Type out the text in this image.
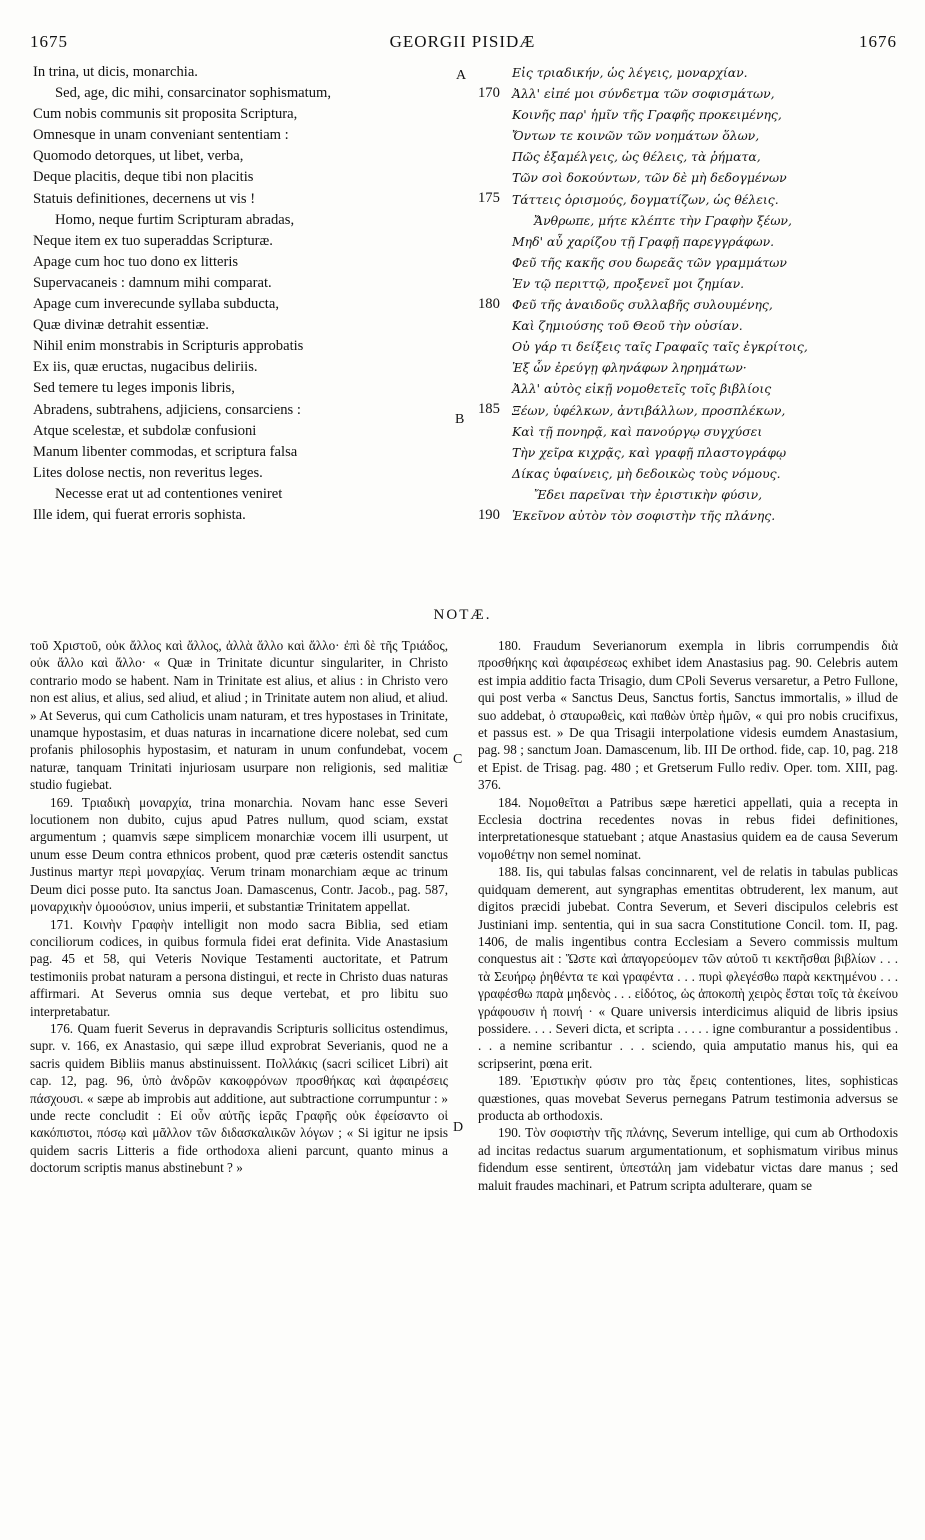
1675	GEORGII PISIDÆ	1676
In trina, ut dicis, monarchia.
Sed, age, dic mihi, consarcinator sophismatum,
Cum nobis communis sit proposita Scriptura,
Omnesque in unam conveniant sententiam :
Quomodo detorques, ut libet, verba,
Deque placitis, deque tibi non placitis
Statuis definitiones, decernens ut vis !
Homo, neque furtim Scripturam abradas,
Neque item ex tuo superaddas Scripturæ.
Apage cum hoc tuo dono ex litteris
Supervacaneis : damnum mihi comparat.
Apage cum inverecunde syllaba subducta,
Quæ divinæ detrahit essentiæ.
Nihil enim monstrabis in Scripturis approbatis
Ex iis, quæ eructas, nugacibus deliriis.
Sed temere tu leges imponis libris,
Abradens, subtrahens, adjiciens, consarciens :
Atque scelestæ, et subdolæ confusioni
Manum libenter commodas, et scriptura falsa
Lites dolose nectis, non reveritus leges.
Necesse erat ut ad contentiones veniret
Ille idem, qui fuerat erroris sophista.
A
B
C
D
170
175
180
185
190
Εἰς τριαδικήν, ὡς λέγεις, μοναρχίαν.
Ἀλλ' εἰπέ μοι σύνδετμα τῶν σοφισμάτων,
Κοινῆς παρ' ἡμῖν τῆς Γραφῆς προκειμένης,
Ὄντων τε κοινῶν τῶν νοημάτων ὅλων,
Πῶς ἐξαμέλγεις, ὡς θέλεις, τὰ ῥήματα,
Τῶν σοὶ δοκούντων, τῶν δὲ μὴ δεδογμένων
Τάττεις ὁρισμούς, δογματίζων, ὡς θέλεις.
Ἄνθρωπε, μήτε κλέπτε τὴν Γραφὴν ξέων,
Μηδ' αὖ χαρίζου τῇ Γραφῇ παρεγγράφων.
Φεῦ τῆς κακῆς σου δωρεᾶς τῶν γραμμάτων
Ἐν τῷ περιττῷ, προξενεῖ μοι ζημίαν.
Φεῦ τῆς ἀναιδοῦς συλλαβῆς συλουμένης,
Καὶ ζημιούσης τοῦ Θεοῦ τὴν οὐσίαν.
Οὐ γάρ τι δείξεις ταῖς Γραφαῖς ταῖς ἐγκρίτοις,
Ἐξ ὧν ἐρεύγῃ φληνάφων ληρημάτων·
Ἀλλ' αὐτὸς εἰκῇ νομοθετεῖς τοῖς βιβλίοις
Ξέων, ὑφέλκων, ἀντιβάλλων, προσπλέκων,
Καὶ τῇ πονηρᾷ, καὶ πανούργῳ συγχύσει
Τὴν χεῖρα κιχρᾷς, καὶ γραφῇ πλαστογράφῳ
Δίκας ὑφαίνεις, μὴ δεδοικὼς τοὺς νόμους.
Ἔδει παρεῖναι τὴν ἐριστικὴν φύσιν,
Ἐκεῖνον αὐτὸν τὸν σοφιστὴν τῆς πλάνης.
NOTÆ.

τοῦ Χριστοῦ, οὐκ ἄλλος καὶ ἄλλος, ἀλλὰ ἄλλο καὶ ἄλλο· ἐπὶ δὲ τῆς Τριάδος, οὐκ ἄλλο καὶ ἄλλο· « Quæ in Trinitate dicuntur singulariter, in Christo contrario modo se habent. Nam in Trinitate est alius, et alius : in Christo vero non est alius, et alius, sed aliud, et aliud ; in Trinitate autem non aliud, et aliud. » At Severus, qui cum Catholicis unam naturam, et tres hypostases in Trinitate, unamque hypostasim, et duas naturas in incarnatione dicere nolebat, sed cum profanis philosophis hypostasim, et naturam in unum confundebat, vocem naturæ, tanquam Trinitati injuriosam usurpare non religionis, sed malitiæ studio fugiebat.

169. Τριαδικὴ μοναρχία, trina monarchia. Novam hanc esse Severi locutionem non dubito, cujus apud Patres nullum, quod sciam, exstat argumentum ; quamvis sæpe simplicem monarchiæ vocem illi usurpent, ut unum esse Deum contra ethnicos probent, quod præ cæteris ostendit sanctus Justinus martyr περὶ μοναρχίας. Verum trinam monarchiam æque ac trinum Deum dici posse puto. Ita sanctus Joan. Damascenus, Contr. Jacob., pag. 587, μοναρχικὴν ὁμοούσιον, unius imperii, et substantiæ Trinitatem appellat.

171. Κοινὴν Γραφὴν intelligit non modo sacra Biblia, sed etiam conciliorum codices, in quibus formula fidei erat definita. Vide Anastasium pag. 45 et 58, qui Veteris Novique Testamenti auctoritate, et Patrum testimoniis probat naturam a persona distingui, et recte in Christo duas naturas affirmari. At Severus omnia sus deque vertebat, et pro libitu suo interpretabatur.

176. Quam fuerit Severus in depravandis Scripturis sollicitus ostendimus, supr. v. 166, ex Anastasio, qui sæpe illud exprobrat Severianis, quod ne a sacris quidem Bibliis manus abstinuissent. Πολλάκις (sacri scilicet Libri) ait cap. 12, pag. 96, ὑπὸ ἀνδρῶν κακοφρόνων προσθήκας καὶ ἀφαιρέσεις πάσχουσι. « sæpe ab improbis aut additione, aut subtractione corrumpuntur : » unde recte concludit : Εἰ οὖν αὐτῆς ἱερᾶς Γραφῆς οὐκ ἐφείσαντο οἱ κακόπιστοι, πόσῳ καὶ μᾶλλον τῶν διδασκαλικῶν λόγων ; « Si igitur ne ipsis quidem sacris Litteris a fide orthodoxa alieni parcunt, quanto minus a doctorum scriptis manus abstinebunt ? »

180. Fraudum Severianorum exempla in libris corrumpendis διὰ προσθήκης καὶ ἀφαιρέσεως exhibet idem Anastasius pag. 90. Celebris autem est impia additio facta Trisagio, dum CPoli Severus versaretur, a Petro Fullone, qui post verba « Sanctus Deus, Sanctus fortis, Sanctus immortalis, » illud de suo addebat, ὁ σταυρωθεὶς, καὶ παθὼν ὑπὲρ ἡμῶν, « qui pro nobis crucifixus, et passus est. » De qua Trisagii interpolatione videsis eumdem Anastasium, pag. 98 ; sanctum Joan. Damascenum, lib. III De orthod. fide, cap. 10, pag. 218 et Epist. de Trisag. pag. 480 ; et Gretserum Fullo rediv. Oper. tom. XIII, pag. 376.

184. Νομοθεῖται a Patribus sæpe hæretici appellati, quia a recepta in Ecclesia doctrina recedentes novas in rebus fidei definitiones, interpretationesque statuebant ; atque Anastasius quidem ea de causa Severum νομοθέτην non semel nominat.

188. Iis, qui tabulas falsas concinnarent, vel de relatis in tabulas publicas quidquam demerent, aut syngraphas ementitas obtruderent, lex manum, aut digitos præcidi jubebat. Contra Severum, et Severi discipulos celebris est Justiniani imp. sententia, qui in sua sacra Constitutione Concil. tom. II, pag. 1406, de malis ingentibus contra Ecclesiam a Severo commissis multum conquestus ait : Ὥστε καὶ ἀπαγορεύομεν τῶν αὐτοῦ τι κεκτῆσθαι βιβλίων . . . τὰ Σευήρῳ ῥηθέντα τε καὶ γραφέντα . . . πυρὶ φλεγέσθω παρὰ κεκτημένου . . . γραφέσθω παρὰ μηδενὸς . . . εἰδότος, ὡς ἀποκοπὴ χειρὸς ἔσται τοῖς τὰ ἐκείνου γράφουσιν ἡ ποινή · « Quare universis interdicimus aliquid de libris ipsius possidere. . . . Severi dicta, et scripta . . . . . igne comburantur a possidentibus . . . a nemine scribantur . . . sciendo, quia amputatio manus his, qui ea scripserint, pœna erit.

189. Ἐριστικὴν φύσιν pro τὰς ἔρεις contentiones, lites, sophisticas quæstiones, quas movebat Severus pernegans Patrum testimonia adversus se producta ab orthodoxis.

190. Τὸν σοφιστὴν τῆς πλάνης, Severum intellige, qui cum ab Orthodoxis ad incitas redactus suarum argumentationum, et sophismatum viribus minus fidendum esse sentirent, ὑπεστάλη jam videbatur victas dare manus ; sed maluit fraudes machinari, et Patrum scripta adulterare, quam se
